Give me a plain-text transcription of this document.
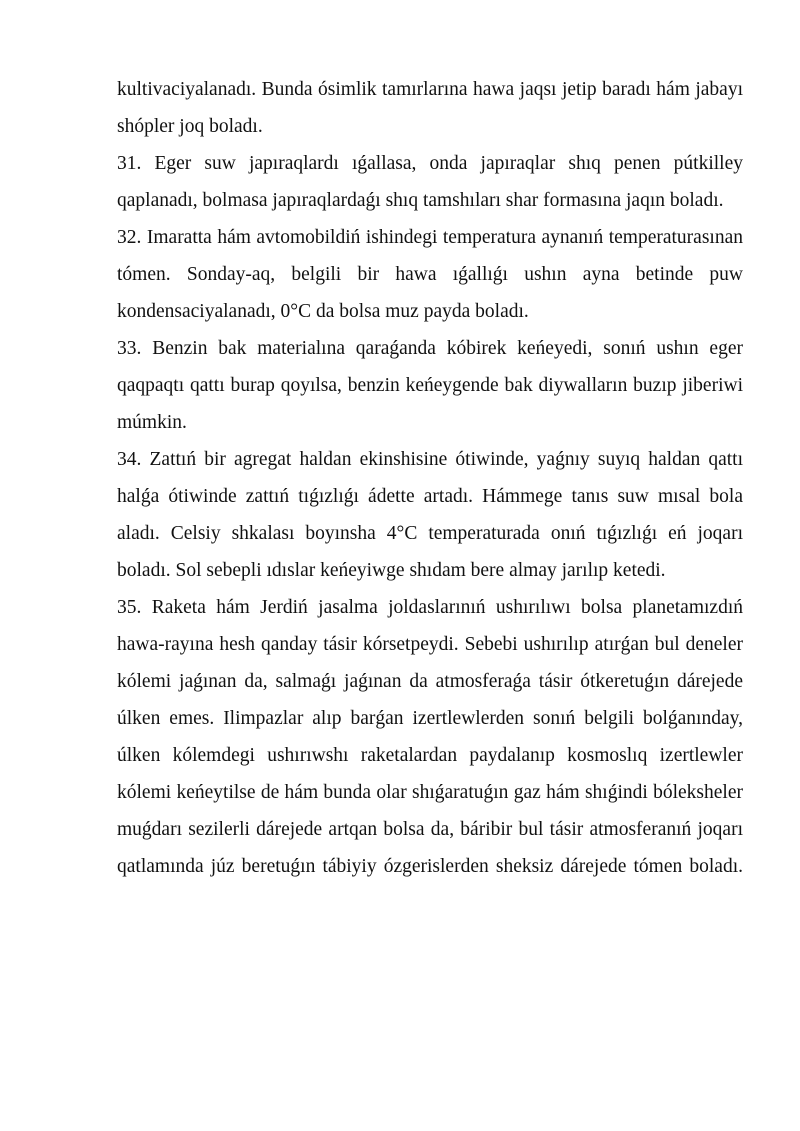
kultivaciyalanadı. Bunda ósimlik tamırlarına hawa jaqsı jetip baradı hám jabayı shópler joq boladı.

31. Eger suw japıraqlardı ıǵallasa, onda japıraqlar shıq penen pútkilley qaplanadı, bolmasa japıraqlardaǵı shıq tamshıları shar formasına jaqın boladı.

32. Imaratta hám avtomobildiń ishindegi temperatura aynanıń temperaturasınan tómen. Sonday-aq, belgili bir hawa ıǵallıǵı ushın ayna betinde puw kondensaciyalanadı, 0°C da bolsa muz payda boladı.

33. Benzin bak materialına qaraǵanda kóbirek keńeyedi, sonıń ushın eger qaqpaqtı qattı burap qoyılsa, benzin keńeygende bak diywalların buzıp jiberiwi múmkin.

34. Zattıń bir agregat haldan ekinshisine ótiwinde, yaǵnıy suyıq haldan qattı halǵa ótiwinde zattıń tıǵızlıǵı ádette artadı. Hámmege tanıs suw mısal bola aladı. Celsiy shkalası boyınsha 4°C temperaturada onıń tıǵızlıǵı eń joqarı boladı. Sol sebepli ıdıslar keńeyiwge shıdam bere almay jarılıp ketedi.

35. Raketa hám Jerdiń jasalma joldaslarınıń ushırılıwı bolsa planetamızdıń hawa-rayına hesh qanday tásir kórsetpeydi. Sebebi ushırılıp atırǵan bul deneler kólemi jaǵınan da, salmaǵı jaǵınan da atmosferaǵa tásir ótkeretuǵın dárejede úlken emes. Ilimpazlar alıp barǵan izertlewlerden sonıń belgili bolǵanınday, úlken kólemdegi ushırıwshı raketalardan paydalanıp kosmoslıq izertlewler kólemi keńeytilse de hám bunda olar shıǵaratuǵın gaz hám shıǵindi bóleksheler muǵdarı sezilerli dárejede artqan bolsa da, báribir bul tásir atmosferanıń joqarı qatlamında júz beretuǵın tábiyiy ózgerislerden sheksiz dárejede tómen boladı.
